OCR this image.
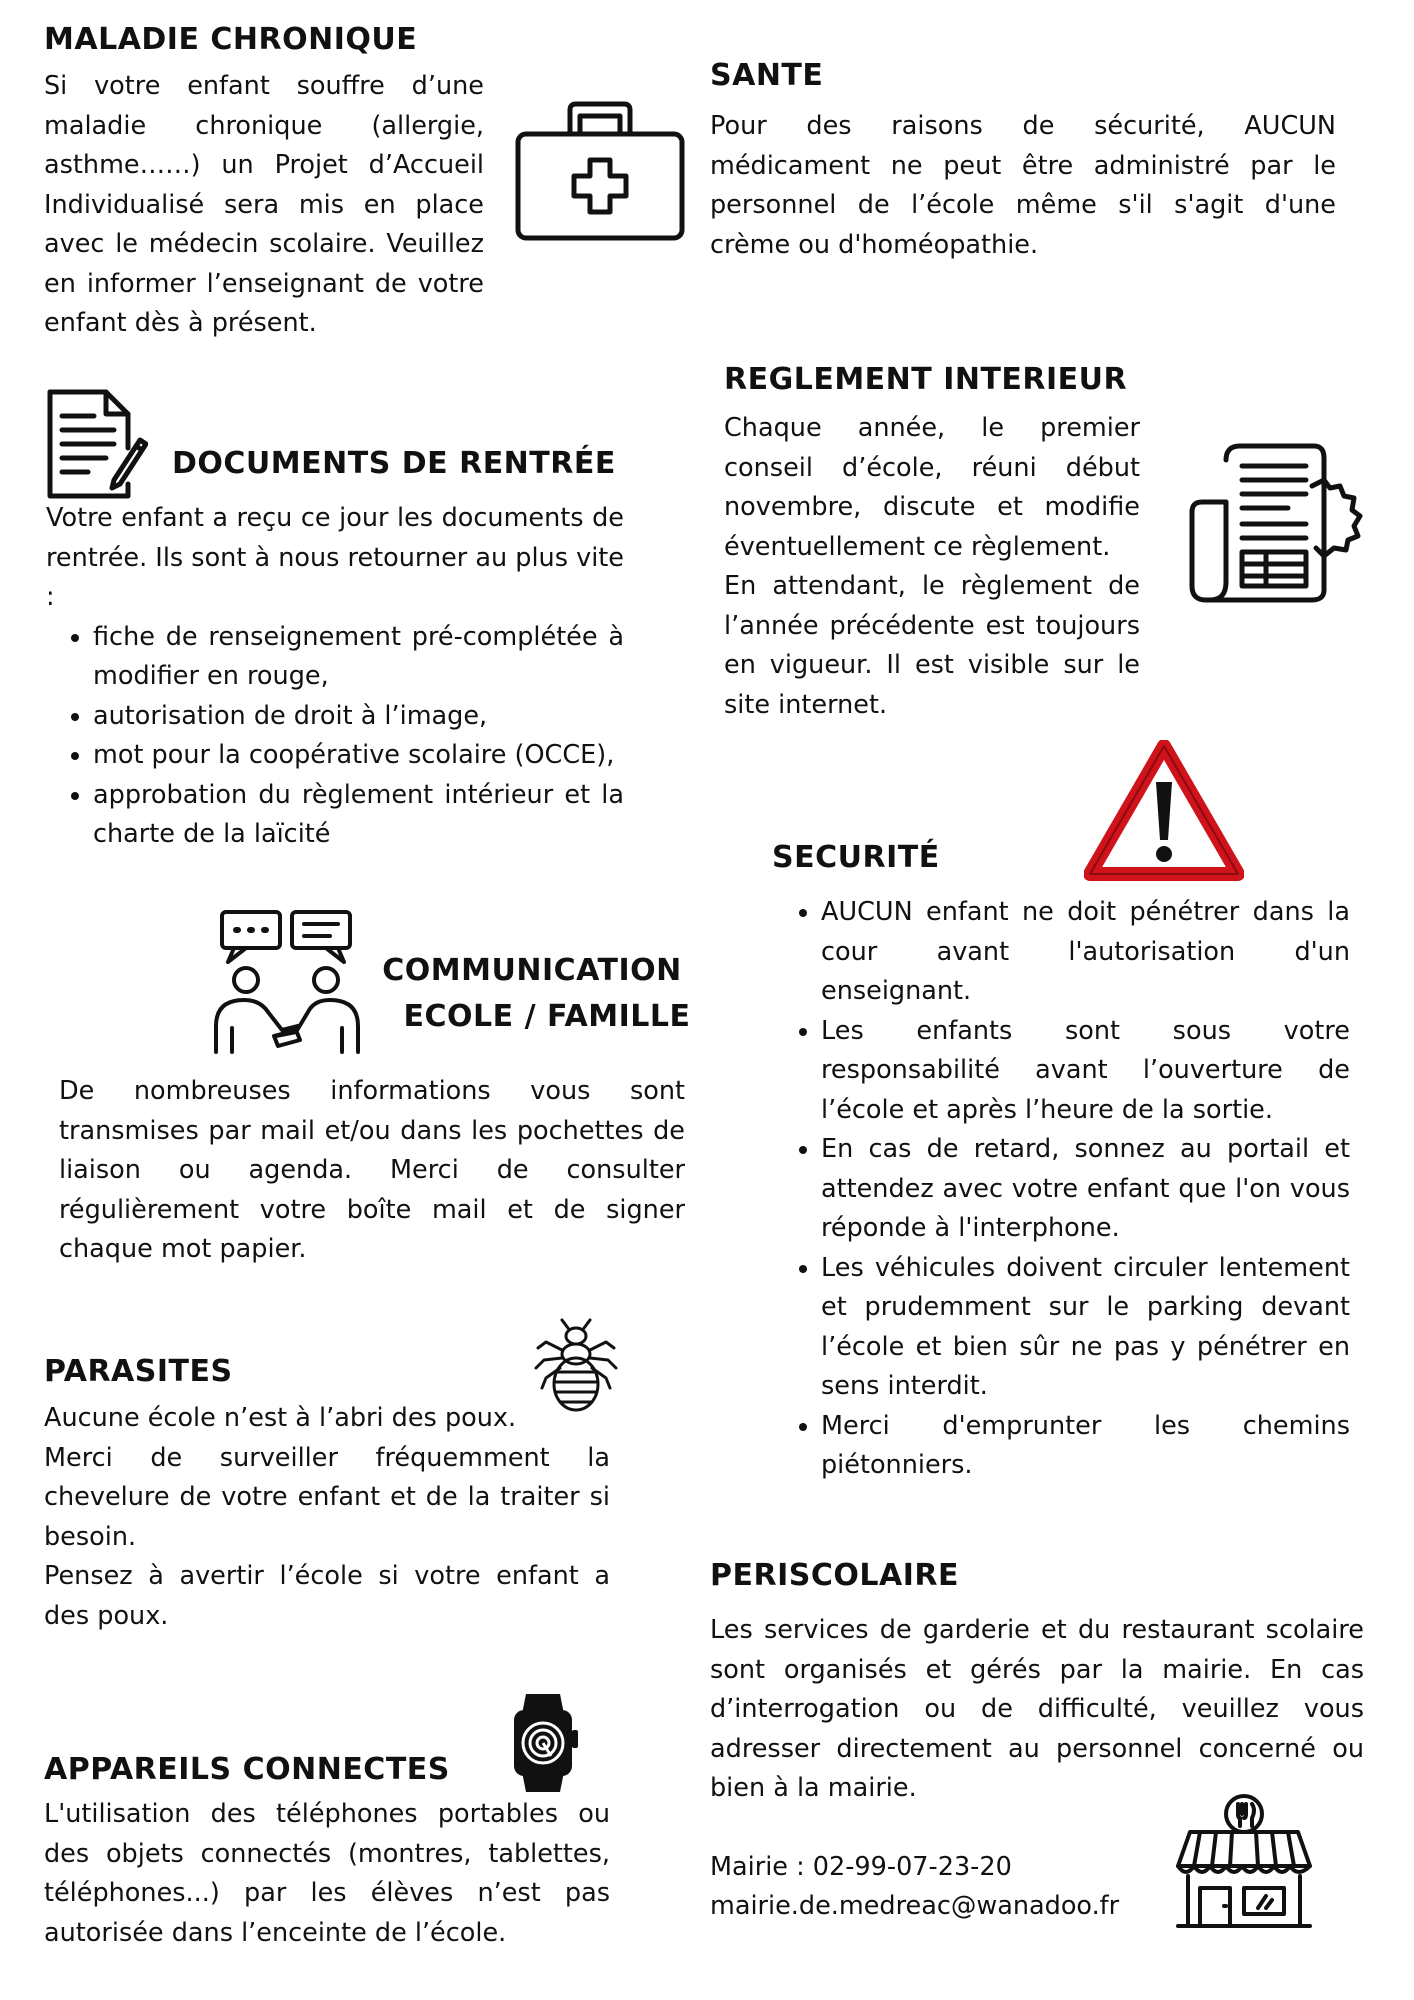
MALADIE CHRONIQUE
Si votre enfant souffre d’une maladie chronique (allergie, asthme……) un Projet d’Accueil Individualisé sera mis en place avec le médecin scolaire. Veuillez en informer l’enseignant de votre enfant dès à présent.
SANTE
Pour des raisons de sécurité, AUCUN médicament ne peut être administré par le personnel de l’école même s'il s'agit d'une crème ou d'homéopathie.
DOCUMENTS DE RENTRÉE
Votre enfant a reçu ce jour les documents de rentrée. Ils sont à nous retourner au plus vite :
• fiche de renseignement pré-complétée à modifier en rouge,
• autorisation de droit à l’image,
• mot pour la coopérative scolaire (OCCE),
• approbation du règlement intérieur et la charte de la laïcité
REGLEMENT INTERIEUR

Chaque année, le premier conseil d’école, réuni début novembre, discute et modifie éventuellement ce règlement.

En attendant, le règlement de l’année précédente est toujours en vigueur. Il est visible sur le site internet.

SECURITÉ
• AUCUN enfant ne doit pénétrer dans la cour avant l'autorisation d'un enseignant.
• Les enfants sont sous votre responsabilité avant l’ouverture de l’école et après l’heure de la sortie.
• En cas de retard, sonnez au portail et attendez avec votre enfant que l'on vous réponde à l'interphone.
• Les véhicules doivent circuler lentement et prudemment sur le parking devant l’école et bien sûr ne pas y pénétrer en sens interdit.
• Merci d'emprunter les chemins piétonniers.
COMMUNICATION
ECOLE / FAMILLE
De nombreuses informations vous sont transmises par mail et/ou dans les pochettes de liaison ou agenda. Merci de consulter régulièrement votre boîte mail et de signer chaque mot papier.
PARASITES

Aucune école n’est à l’abri des poux.

Merci de surveiller fréquemment la chevelure de votre enfant et de la traiter si besoin.

Pensez à avertir l’école si votre enfant a des poux.

PERISCOLAIRE
Les services de garderie et du restaurant scolaire sont organisés et gérés par la mairie. En cas d’interrogation ou de difficulté, veuillez vous adresser directement au personnel concerné ou bien à la mairie.
Mairie : 02-99-07-23-20
mairie.de.medreac@wanadoo.fr
APPAREILS CONNECTES
L'utilisation des téléphones portables ou des objets connectés (montres, tablettes, téléphones...) par les élèves n’est pas autorisée dans l’enceinte de l’école.
